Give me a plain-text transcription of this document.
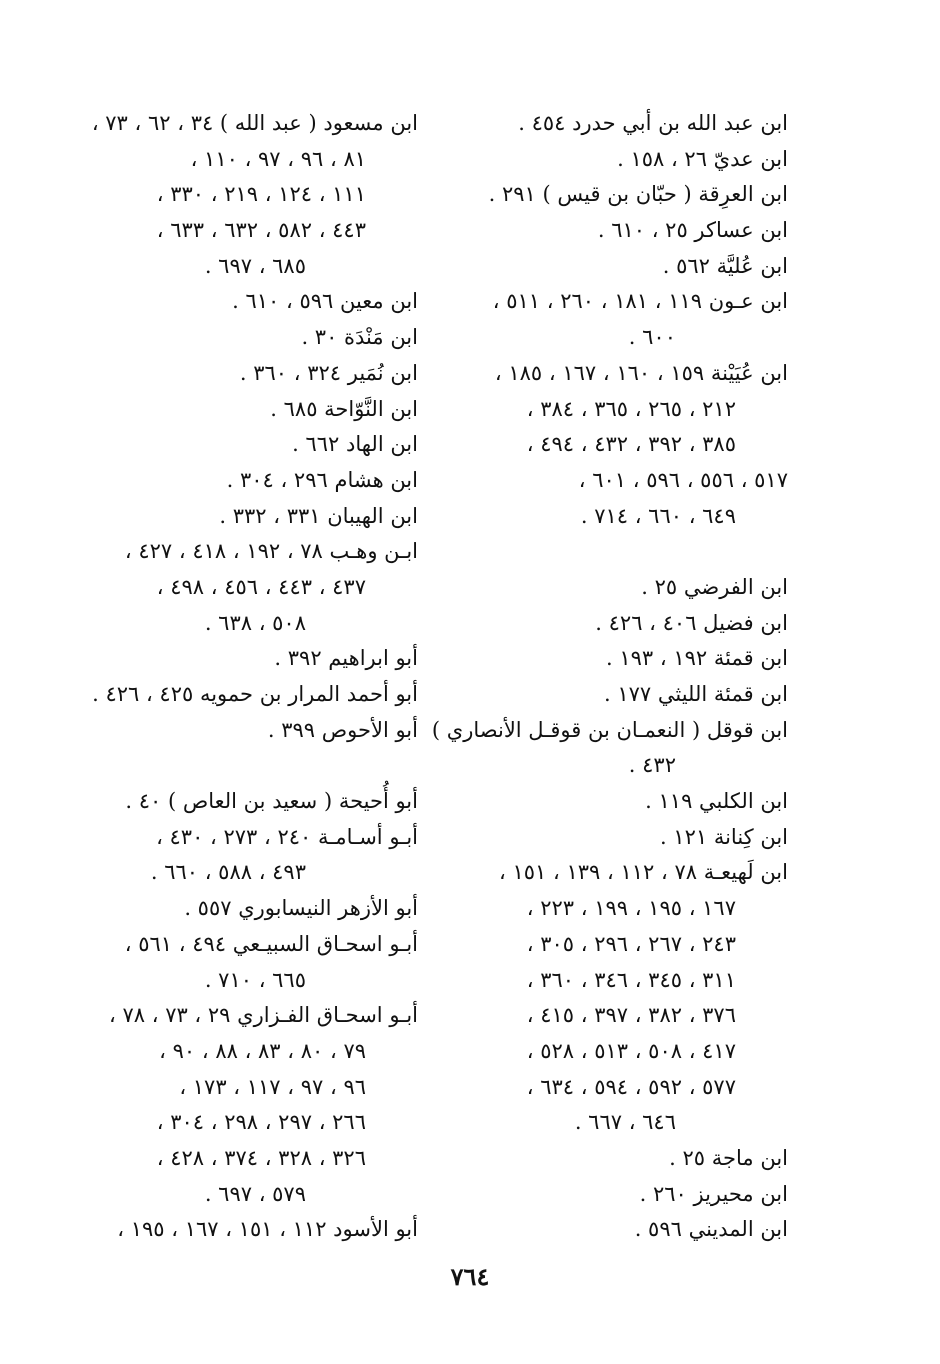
ابن عبد الله بن أبي حدرد ٤٥٤ .
ابن عديّ ٢٦ ، ١٥٨ .
ابن العرِقة ( حبّان بن قيس ) ٢٩١ .
ابن عساكر ٢٥ ، ٦١٠ .
ابن عُليَّة ٥٦٢ .
ابن عـون ١١٩ ، ١٨١ ، ٢٦٠ ، ٥١١ ،
٦٠٠ .
ابن عُيَيْنة ١٥٩ ، ١٦٠ ، ١٦٧ ، ١٨٥ ،
٢١٢ ، ٢٦٥ ، ٣٦٥ ، ٣٨٤ ،
٣٨٥ ، ٣٩٢ ، ٤٣٢ ، ٤٩٤ ،
٥١٧ ، ٥٥٦ ، ٥٩٦ ، ٦٠١ ،
٦٤٩ ، ٦٦٠ ، ٧١٤ .
ابن الفرضي ٢٥ .
ابن فضيل ٤٠٦ ، ٤٢٦ .
ابن قمئة ١٩٢ ، ١٩٣ .
ابن قمئة الليثي ١٧٧ .
ابن قوقل ( النعمـان بن قوقـل الأنصاري )
٤٣٢ .
ابن الكلبي ١١٩ .
ابن كِنانة ١٢١ .
ابن لَهيعـة ٧٨ ، ١١٢ ، ١٣٩ ، ١٥١ ،
١٦٧ ، ١٩٥ ، ١٩٩ ، ٢٢٣ ،
٢٤٣ ، ٢٦٧ ، ٢٩٦ ، ٣٠٥ ،
٣١١ ، ٣٤٥ ، ٣٤٦ ، ٣٦٠ ،
٣٧٦ ، ٣٨٢ ، ٣٩٧ ، ٤١٥ ،
٤١٧ ، ٥٠٨ ، ٥١٣ ، ٥٢٨ ،
٥٧٧ ، ٥٩٢ ، ٥٩٤ ، ٦٣٤ ،
٦٤٦ ، ٦٦٧ .
ابن ماجة ٢٥ .
ابن محيريز ٢٦٠ .
ابن المديني ٥٩٦ .
ابن مسعود ( عبد الله ) ٣٤ ، ٦٢ ، ٧٣ ،
٨١ ، ٩٦ ، ٩٧ ، ١١٠ ،
١١١ ، ١٢٤ ، ٢١٩ ، ٣٣٠ ،
٤٤٣ ، ٥٨٢ ، ٦٣٢ ، ٦٣٣ ،
٦٨٥ ، ٦٩٧ .
ابن معين ٥٩٦ ، ٦١٠ .
ابن مَنْدَة ٣٠ .
ابن نُمَير ٣٢٤ ، ٣٦٠ .
ابن النَّوّاحة ٦٨٥ .
ابن الهاد ٦٦٢ .
ابن هشام ٢٩٦ ، ٣٠٤ .
ابن الهيبان ٣٣١ ، ٣٣٢ .
ابـن وهـب ٧٨ ، ١٩٢ ، ٤١٨ ، ٤٢٧ ،
٤٣٧ ، ٤٤٣ ، ٤٥٦ ، ٤٩٨ ،
٥٠٨ ، ٦٣٨ .
أبو ابراهيم ٣٩٢ .
أبو أحمد المرار بن حمويه ٤٢٥ ، ٤٢٦ .
أبو الأحوص ٣٩٩ .
أبو أُحيحة ( سعيد بن العاص ) ٤٠ .
أبـو أسـامـة ٢٤٠ ، ٢٧٣ ، ٤٣٠ ،
٤٩٣ ، ٥٨٨ ، ٦٦٠ .
أبو الأزهر النيسابوري ٥٥٧ .
أبـو اسحـاق السبيـعي ٤٩٤ ، ٥٦١ ،
٦٦٥ ، ٧١٠ .
أبـو اسحـاق الفـزاري ٢٩ ، ٧٣ ، ٧٨ ،
٧٩ ، ٨٠ ، ٨٣ ، ٨٨ ، ٩٠ ،
٩٦ ، ٩٧ ، ١١٧ ، ١٧٣ ،
٢٦٦ ، ٢٩٧ ، ٢٩٨ ، ٣٠٤ ،
٣٢٦ ، ٣٢٨ ، ٣٧٤ ، ٤٢٨ ،
٥٧٩ ، ٦٩٧ .
أبو الأسود ١١٢ ، ١٥١ ، ١٦٧ ، ١٩٥ ،
٧٦٤
